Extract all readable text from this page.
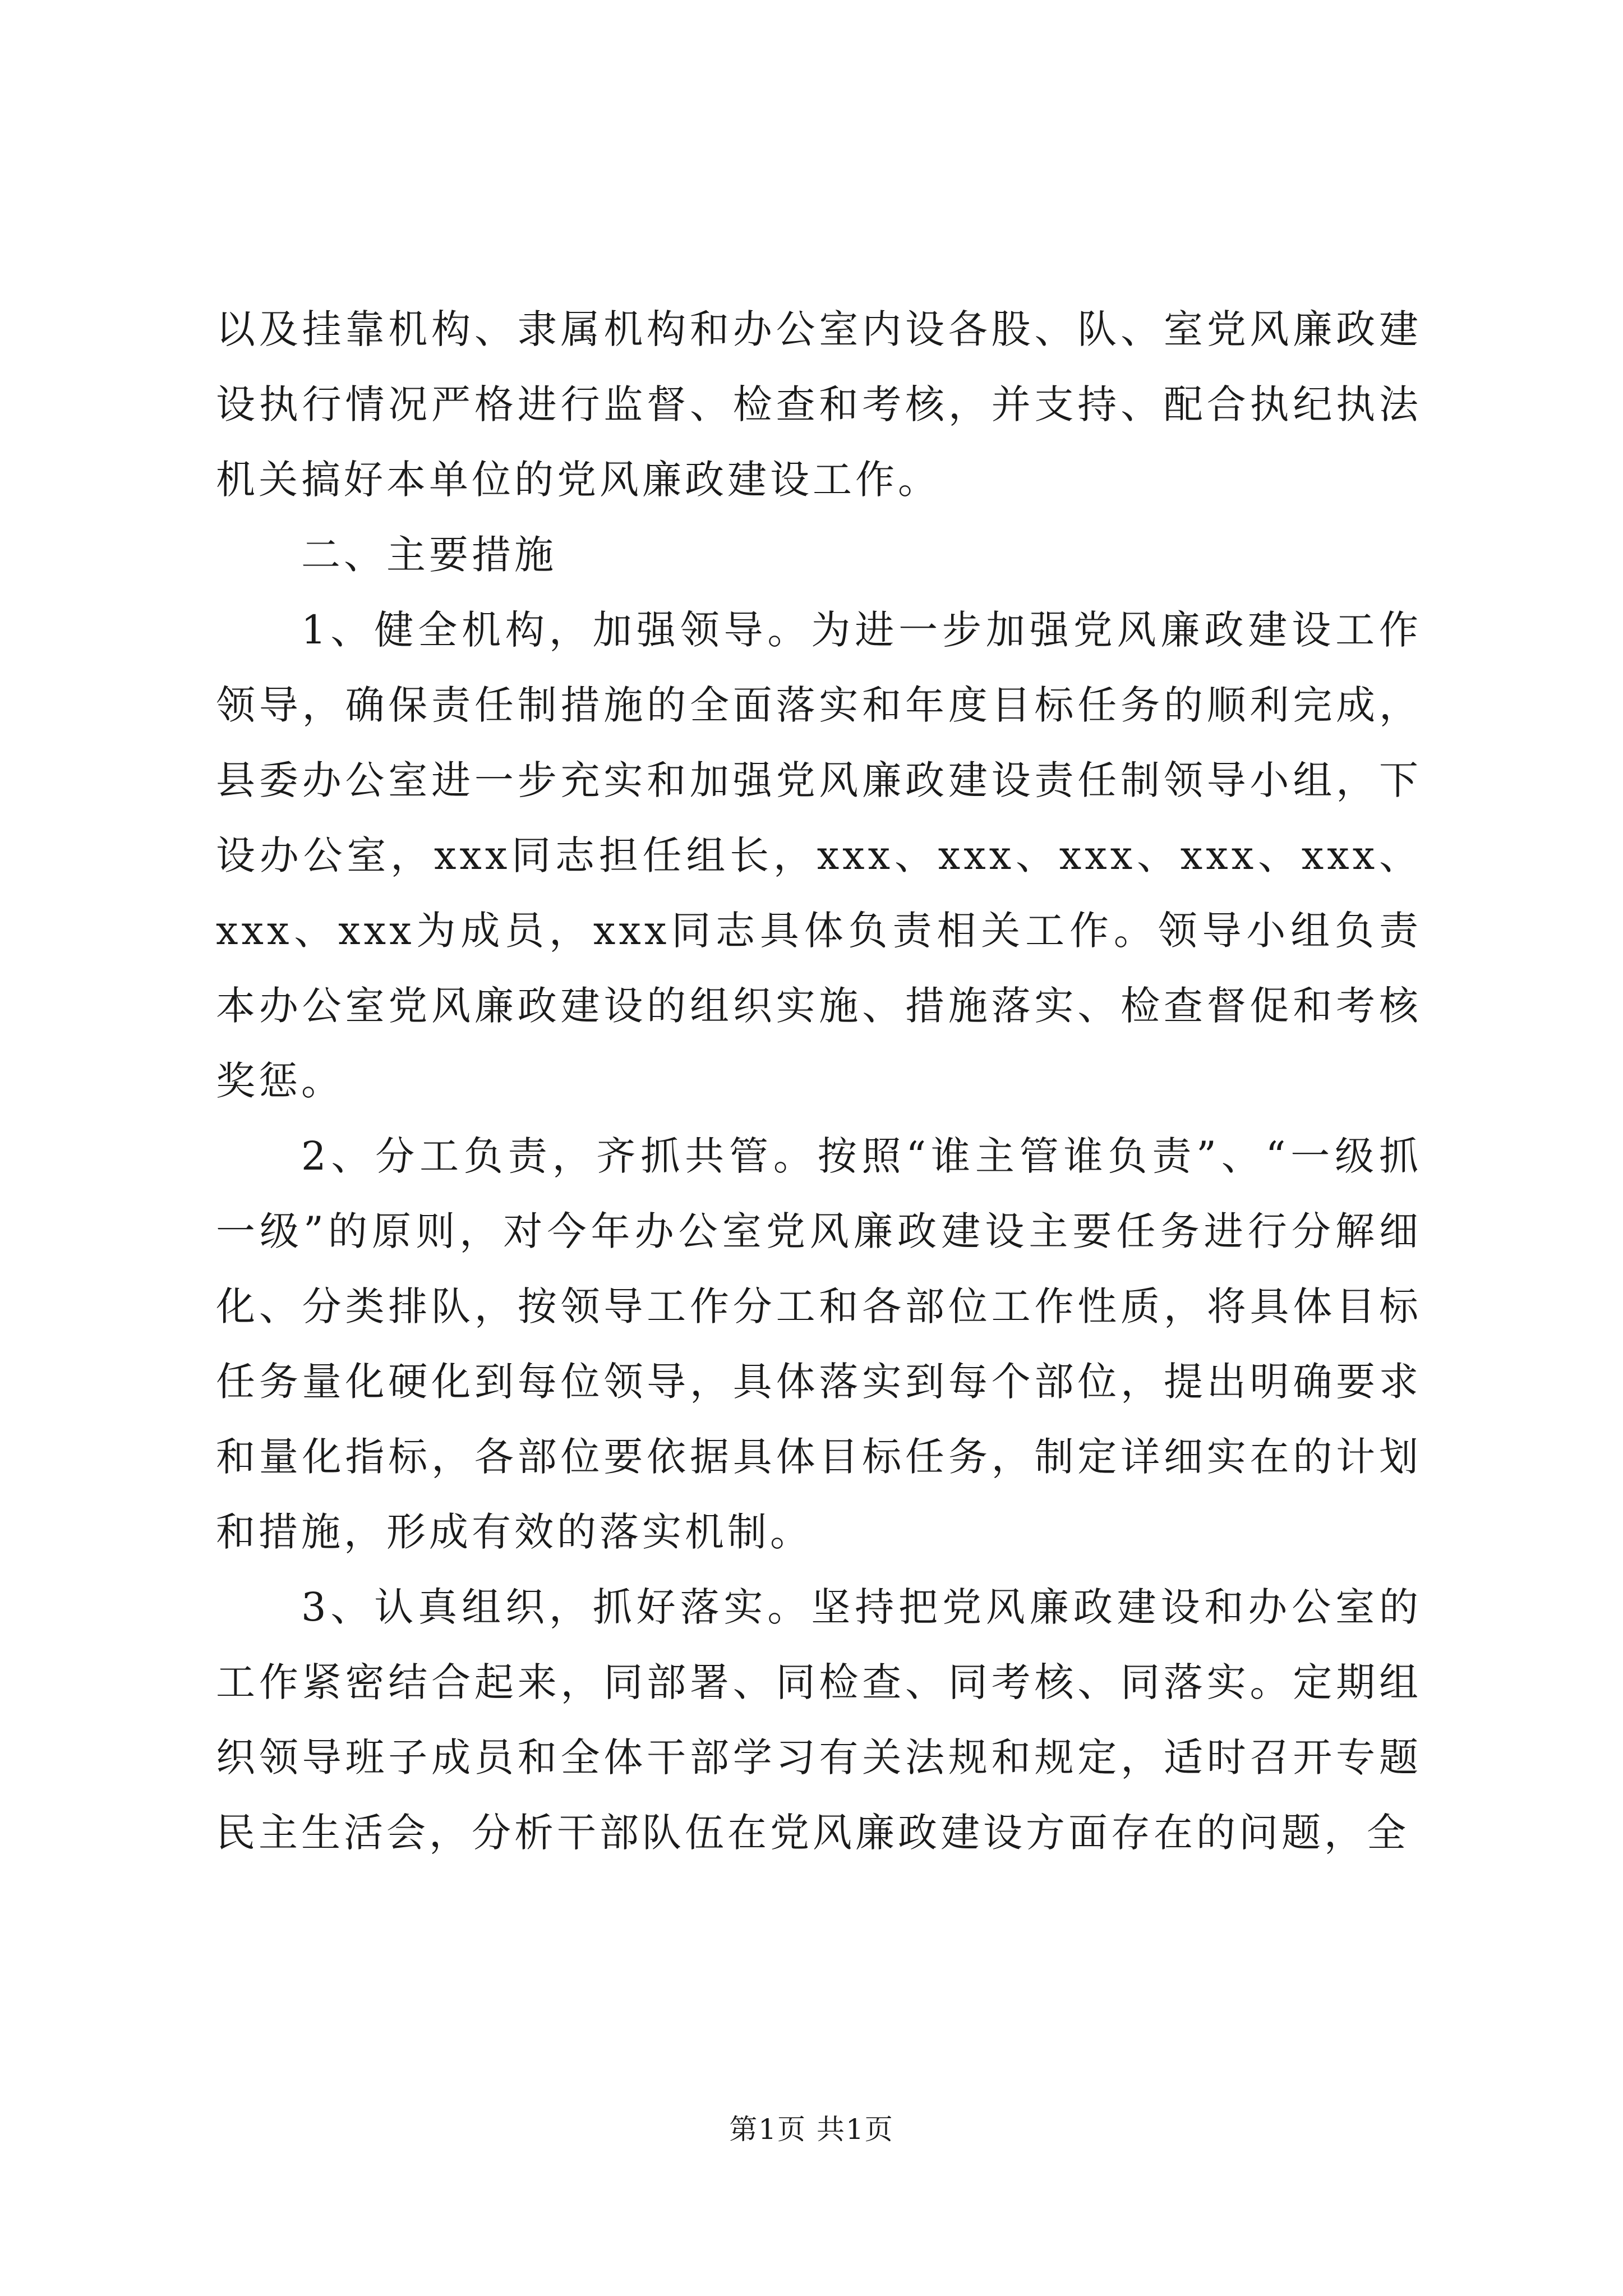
以及挂靠机构、隶属机构和办公室内设各股、队、室党风廉政建设执行情况严格进行监督、检查和考核，并支持、配合执纪执法机关搞好本单位的党风廉政建设工作。

二、主要措施

1、健全机构，加强领导。为进一步加强党风廉政建设工作领导，确保责任制措施的全面落实和年度目标任务的顺利完成，县委办公室进一步充实和加强党风廉政建设责任制领导小组，下设办公室，xxx同志担任组长，xxx、xxx、xxx、xxx、xxx、xxx、xxx为成员，xxx同志具体负责相关工作。领导小组负责本办公室党风廉政建设的组织实施、措施落实、检查督促和考核奖惩。

2、分工负责，齐抓共管。按照“谁主管谁负责”、“一级抓一级”的原则，对今年办公室党风廉政建设主要任务进行分解细化、分类排队，按领导工作分工和各部位工作性质，将具体目标任务量化硬化到每位领导，具体落实到每个部位，提出明确要求和量化指标，各部位要依据具体目标任务，制定详细实在的计划和措施，形成有效的落实机制。

3、认真组织，抓好落实。坚持把党风廉政建设和办公室的工作紧密结合起来，同部署、同检查、同考核、同落实。定期组织领导班子成员和全体干部学习有关法规和规定，适时召开专题民主生活会，分析干部队伍在党风廉政建设方面存在的问题，全

第1页 共1页
